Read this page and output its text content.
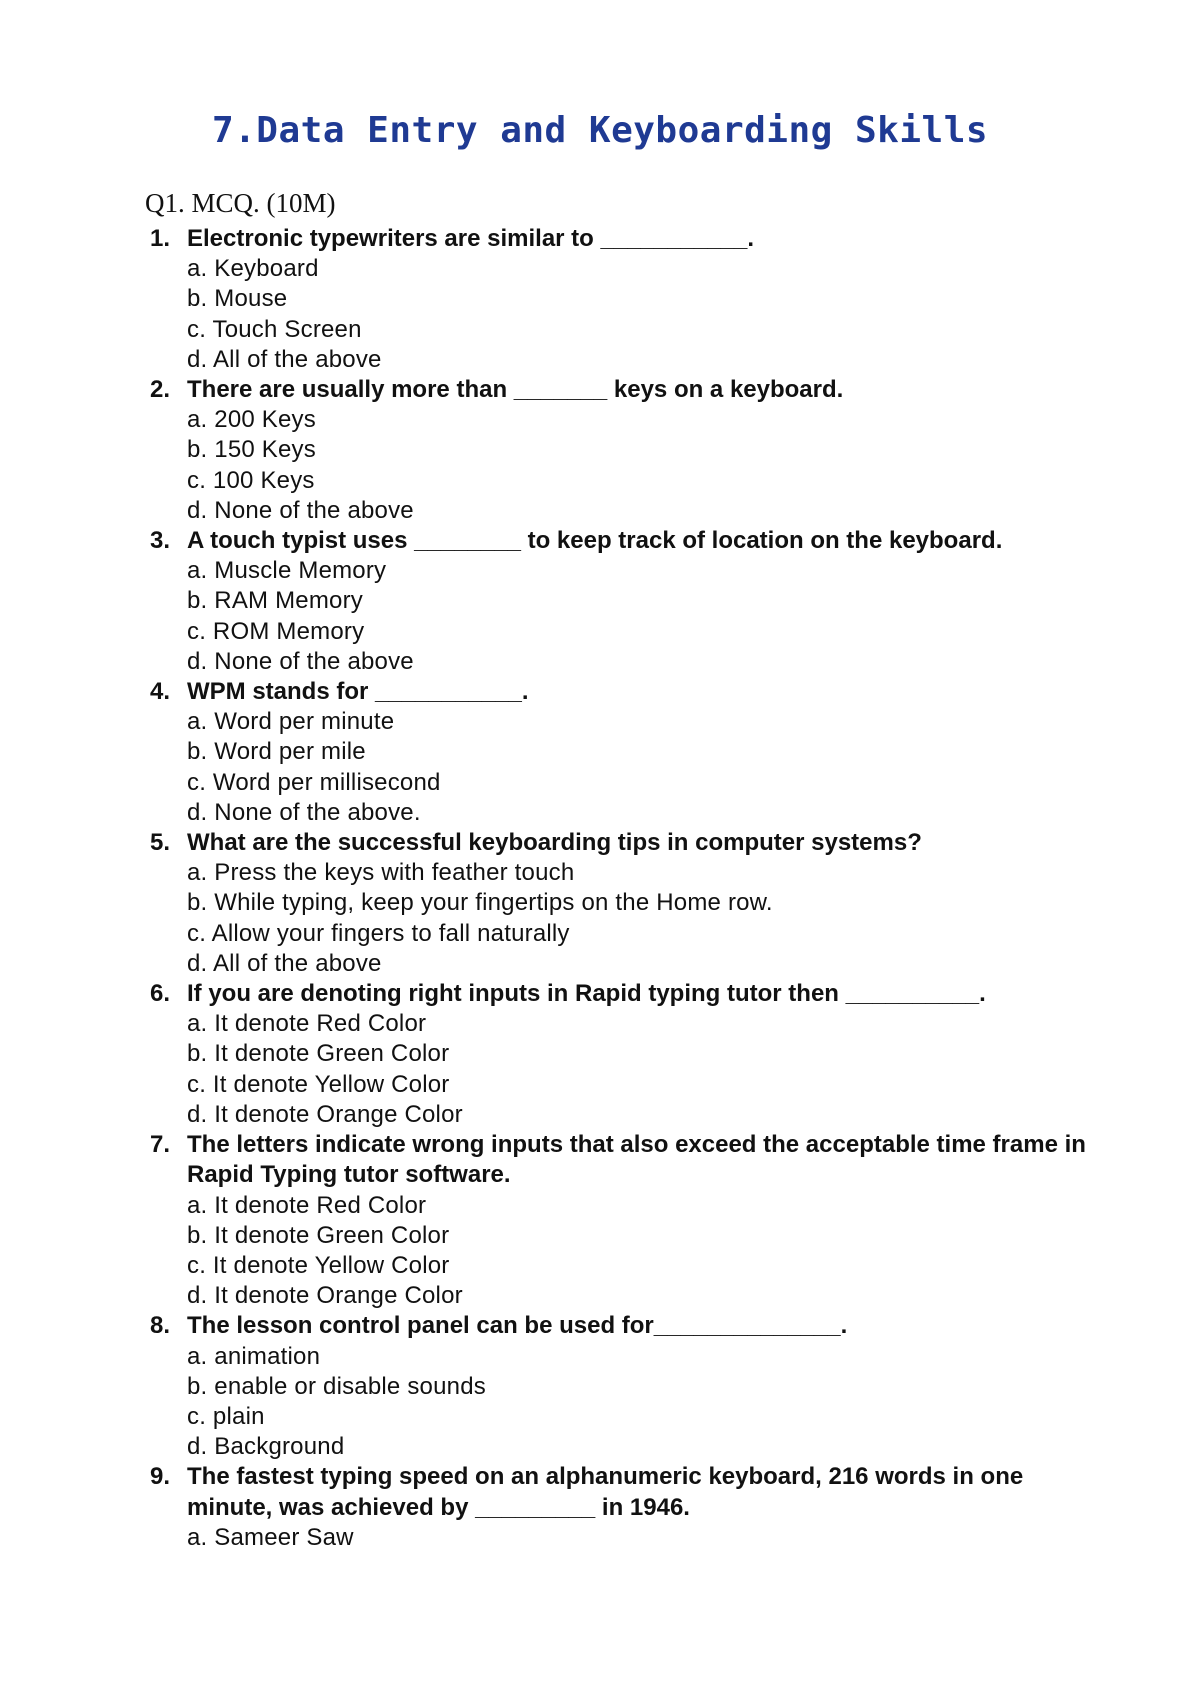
7.Data Entry and Keyboarding Skills
Q1. MCQ. (10M)
1. Electronic typewriters are similar to ___________.
a. Keyboard
b. Mouse
c. Touch Screen
d. All of the above
2. There are usually more than _______ keys on a keyboard.
a. 200 Keys
b. 150 Keys
c. 100 Keys
d. None of the above
3. A touch typist uses ________ to keep track of location on the keyboard.
a. Muscle Memory
b. RAM Memory
c. ROM Memory
d. None of the above
4. WPM stands for ___________.
a. Word per minute
b. Word per mile
c. Word per millisecond
d. None of the above.
5. What are the successful keyboarding tips in computer systems?
a. Press the keys with feather touch
b. While typing, keep your fingertips on the Home row.
c. Allow your fingers to fall naturally
d. All of the above
6. If you are denoting right inputs in Rapid typing tutor then __________.
a. It denote Red Color
b. It denote Green Color
c. It denote Yellow Color
d. It denote Orange Color
7. The letters indicate wrong inputs that also exceed the acceptable time frame in Rapid Typing tutor software.
a. It denote Red Color
b. It denote Green Color
c. It denote Yellow Color
d. It denote Orange Color
8. The lesson control panel can be used for______________.
a. animation
b. enable or disable sounds
c. plain
d. Background
9. The fastest typing speed on an alphanumeric keyboard, 216 words in one minute, was achieved by _________ in 1946.
a. Sameer Saw
